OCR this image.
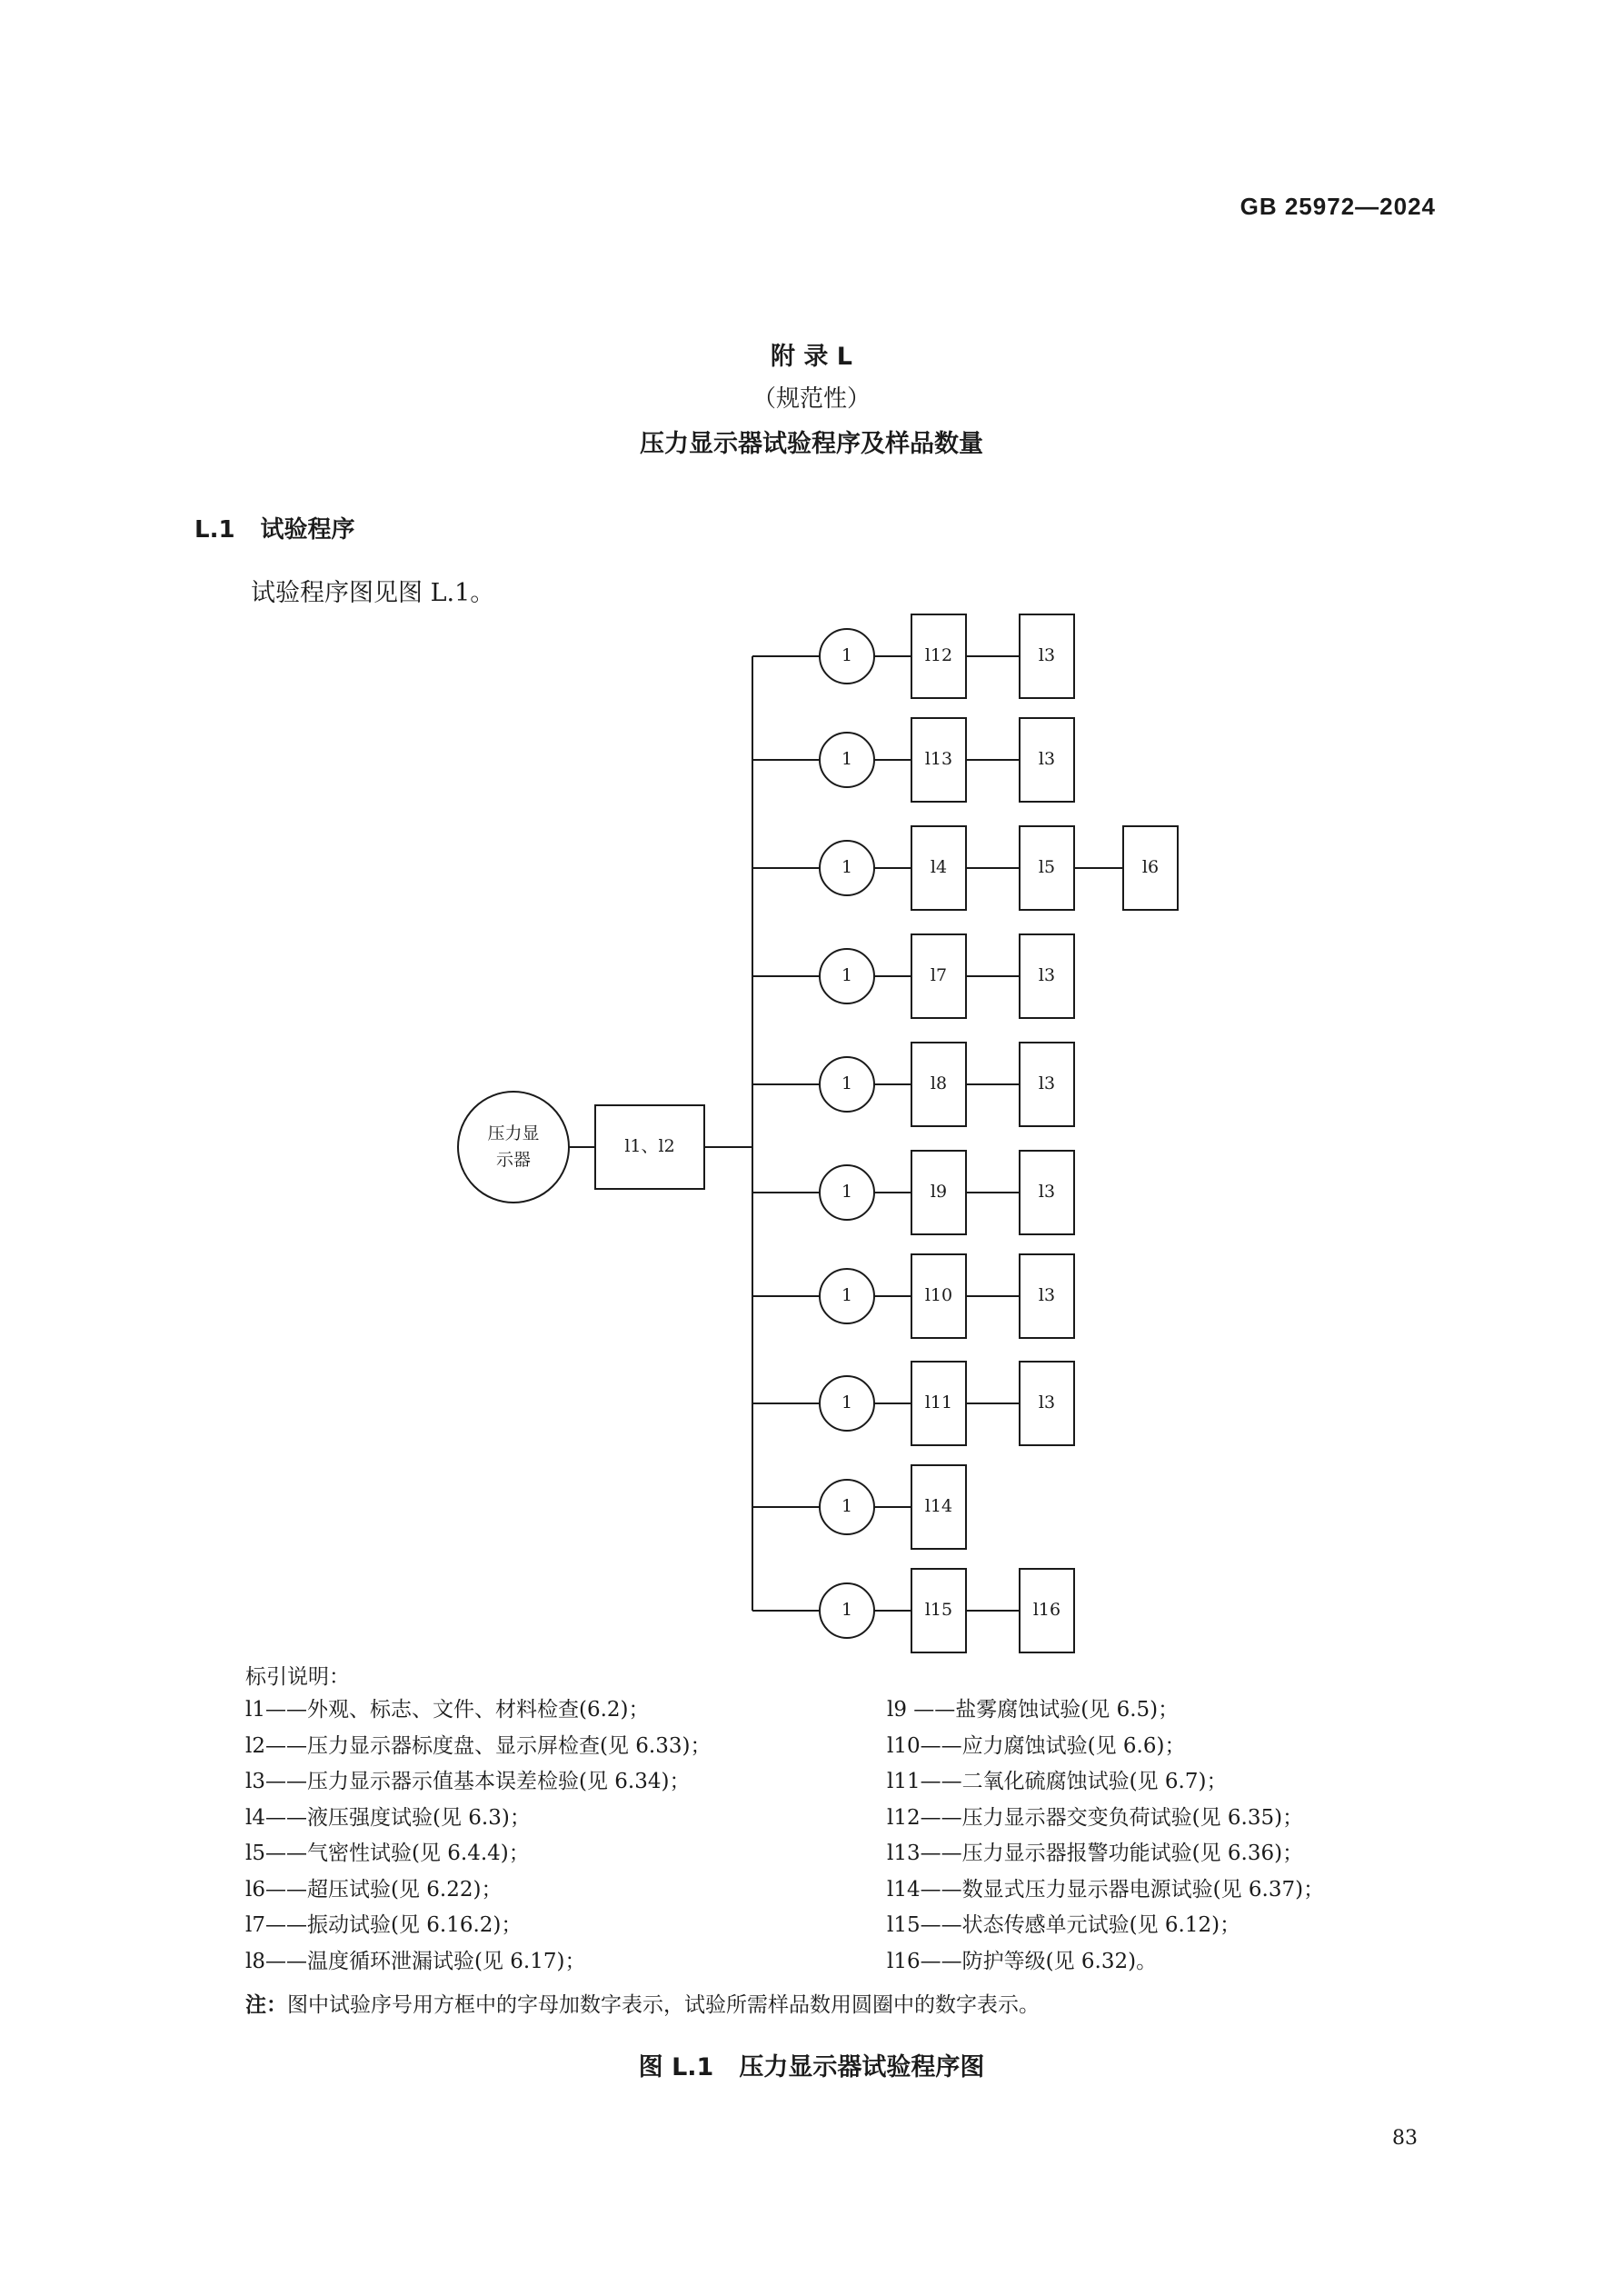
GB 25972—2024
附 录 L
（规范性）
压力显示器试验程序及样品数量
L.1 试验程序
试验程序图见图 L.1。
压力显示器
l1、l2
1	l12	l3
1	l13	l3
1	l4	l5	l6
1	l7	l3
1	l8	l3
1	l9	l3
1	l10	l3
1	l11	l3
1	l14
1	l15	l16
标引说明：
l1——外观、标志、文件、材料检查(6.2)；
l2——压力显示器标度盘、显示屏检查(见 6.33)；
l3——压力显示器示值基本误差检验(见 6.34)；
l4——液压强度试验(见 6.3)；
l5——气密性试验(见 6.4.4)；
l6——超压试验(见 6.22)；
l7——振动试验(见 6.16.2)；
l8——温度循环泄漏试验(见 6.17)；
l9 ——盐雾腐蚀试验(见 6.5)；
l10——应力腐蚀试验(见 6.6)；
l11——二氧化硫腐蚀试验(见 6.7)；
l12——压力显示器交变负荷试验(见 6.35)；
l13——压力显示器报警功能试验(见 6.36)；
l14——数显式压力显示器电源试验(见 6.37)；
l15——状态传感单元试验(见 6.12)；
l16——防护等级(见 6.32)。
注：图中试验序号用方框中的字母加数字表示，试验所需样品数用圆圈中的数字表示。
图 L.1 压力显示器试验程序图
83
